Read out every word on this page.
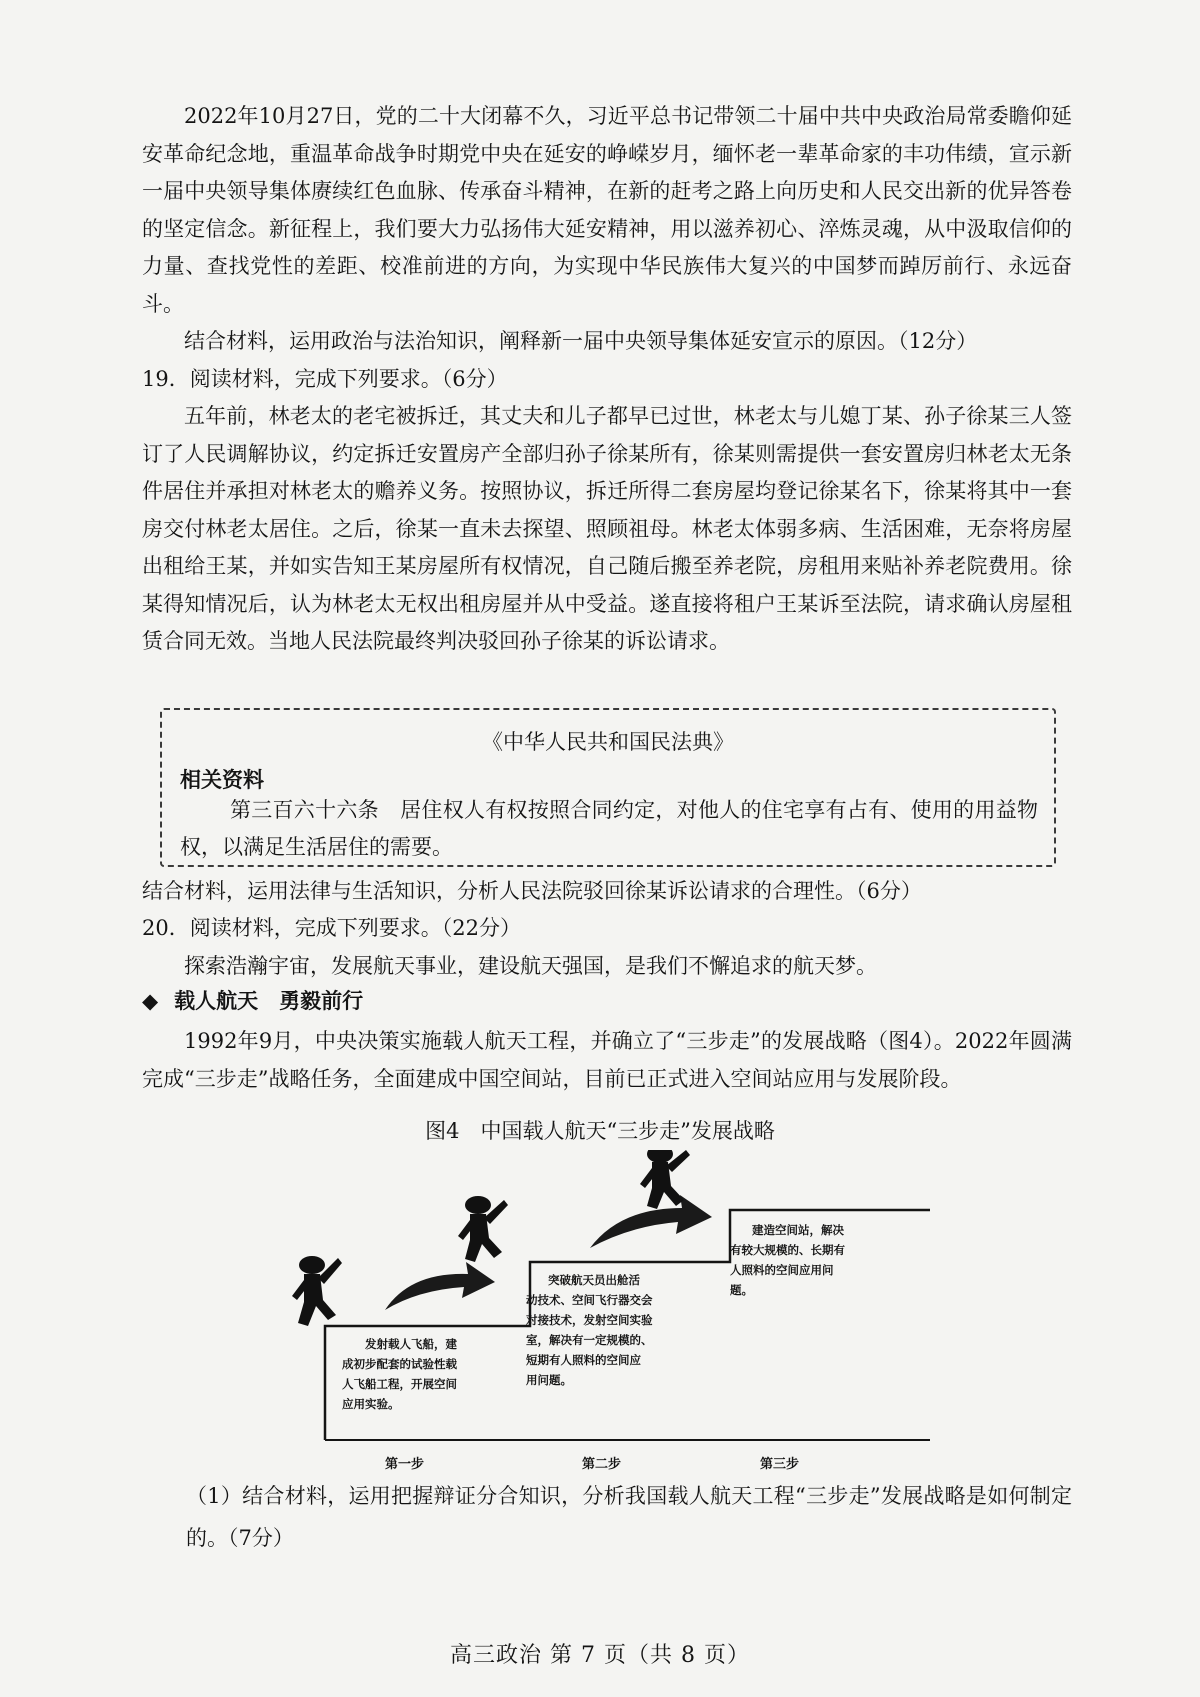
2022年10月27日，党的二十大闭幕不久，习近平总书记带领二十届中共中央政治局常委瞻仰延安革命纪念地，重温革命战争时期党中央在延安的峥嵘岁月，缅怀老一辈革命家的丰功伟绩，宣示新一届中央领导集体赓续红色血脉、传承奋斗精神，在新的赶考之路上向历史和人民交出新的优异答卷的坚定信念。新征程上，我们要大力弘扬伟大延安精神，用以滋养初心、淬炼灵魂，从中汲取信仰的力量、查找党性的差距、校准前进的方向，为实现中华民族伟大复兴的中国梦而踔厉前行、永远奋斗。

结合材料，运用政治与法治知识，阐释新一届中央领导集体延安宣示的原因。（12分）

19．阅读材料，完成下列要求。（6分）

五年前，林老太的老宅被拆迁，其丈夫和儿子都早已过世，林老太与儿媳丁某、孙子徐某三人签订了人民调解协议，约定拆迁安置房产全部归孙子徐某所有，徐某则需提供一套安置房归林老太无条件居住并承担对林老太的赡养义务。按照协议，拆迁所得二套房屋均登记徐某名下，徐某将其中一套房交付林老太居住。之后，徐某一直未去探望、照顾祖母。林老太体弱多病、生活困难，无奈将房屋出租给王某，并如实告知王某房屋所有权情况，自己随后搬至养老院，房租用来贴补养老院费用。徐某得知情况后，认为林老太无权出租房屋并从中受益。遂直接将租户王某诉至法院，请求确认房屋租赁合同无效。当地人民法院最终判决驳回孙子徐某的诉讼请求。

《中华人民共和国民法典》
相关资料

第三百六十六条　居住权人有权按照合同约定，对他人的住宅享有占有、使用的用益物权，以满足生活居住的需要。

结合材料，运用法律与生活知识，分析人民法院驳回徐某诉讼请求的合理性。（6分）

20．阅读材料，完成下列要求。（22分）

探索浩瀚宇宙，发展航天事业，建设航天强国，是我们不懈追求的航天梦。

◆ 载人航天　勇毅前行

1992年9月，中央决策实施载人航天工程，并确立了“三步走”的发展战略（图4）。2022年圆满完成“三步走”战略任务，全面建成中国空间站，目前已正式进入空间站应用与发展阶段。

图4　中国载人航天“三步走”发展战略
发射载人飞船，建
成初步配套的试验性载
人飞船工程，开展空间
应用实验。
突破航天员出舱活
动技术、空间飞行器交会
对接技术，发射空间实验
室，解决有一定规模的、
短期有人照料的空间应
用问题。
建造空间站，解决
有较大规模的、长期有
人照料的空间应用问
题。
第一步	第二步	第三步

（1）结合材料，运用把握辩证分合知识，分析我国载人航天工程“三步走”发展战略是如何制定的。（7分）

高三政治 第 7 页（共 8 页）
